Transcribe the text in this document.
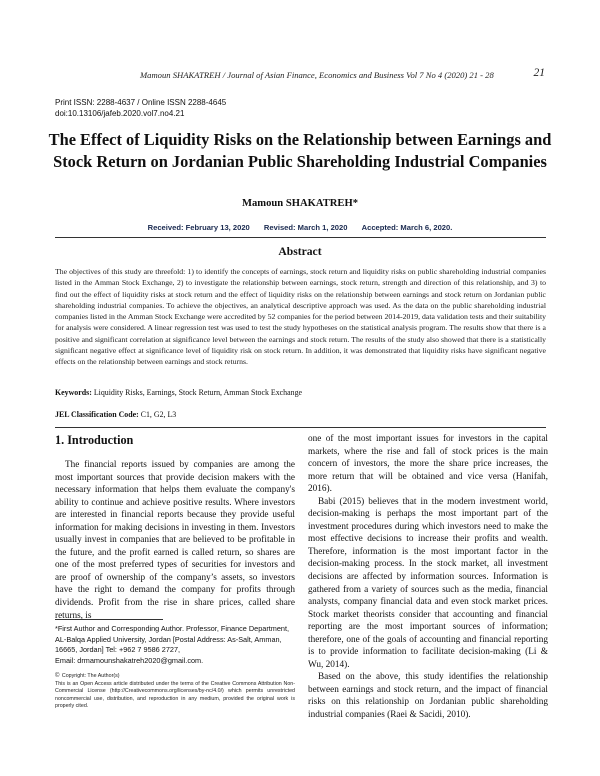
Mamoun SHAKATREH / Journal of Asian Finance, Economics and Business Vol 7 No 4 (2020) 21 - 28	21
Print ISSN: 2288-4637 / Online ISSN 2288-4645
doi:10.13106/jafeb.2020.vol7.no4.21
The Effect of Liquidity Risks on the Relationship between Earnings and
Stock Return on Jordanian Public Shareholding Industrial Companies
Mamoun SHAKATREH*
Received: February 13, 2020 Revised: March 1, 2020 Accepted: March 6, 2020.
Abstract
The objectives of this study are threefold: 1) to identify the concepts of earnings, stock return and liquidity risks on public shareholding industrial companies listed in the Amman Stock Exchange, 2) to investigate the relationship between earnings, stock return, strength and direction of this relationship, and 3) to find out the effect of liquidity risks at stock return and the effect of liquidity risks on the relationship between earnings and stock return on Jordanian public shareholding industrial companies. To achieve the objectives, an analytical descriptive approach was used. As the data on the public shareholding industrial companies listed in the Amman Stock Exchange were accredited by 52 companies for the period between 2014-2019, data validation tests and their suitability for analysis were considered. A linear regression test was used to test the study hypotheses on the statistical analysis program. The results show that there is a positive and significant correlation at significance level between the earnings and stock return. The results of the study also showed that there is a statistically significant negative effect at significance level of liquidity risk on stock return. In addition, it was demonstrated that liquidity risks have significant negative effects on the relationship between earnings and stock returns.
Keywords: Liquidity Risks, Earnings, Stock Return, Amman Stock Exchange
JEL Classification Code: C1, G2, L3
1. Introduction

The financial reports issued by companies are among the most important sources that provide decision makers with the necessary information that helps them evaluate the company's ability to continue and achieve positive results. Where investors are interested in financial reports because they provide useful information for making decisions in investing in them. Investors usually invest in companies that are believed to be profitable in the future, and the profit earned is called return, so shares are one of the most preferred types of securities for investors and are proof of ownership of the company’s assets, so investors have the right to demand the company for profits through dividends. Profit from the rise in share prices, called share returns, is

one of the most important issues for investors in the capital markets, where the rise and fall of stock prices is the main concern of investors, the more the share price increases, the more return that will be obtained and vice versa (Hanifah, 2016).

Babi (2015) believes that in the modern investment world, decision-making is perhaps the most important part of the investment procedures during which investors need to make the most effective decisions to increase their profits and wealth. Therefore, information is the most important factor in the decision-making process. In the stock market, all investment decisions are affected by information sources. Information is gathered from a variety of sources such as the media, financial analysts, company financial data and even stock market prices. Stock market theorists consider that accounting and financial reporting are the most important sources of information; therefore, one of the goals of accounting and financial reporting is to provide information to facilitate decision-making (Li & Wu, 2014).

Based on the above, this study identifies the relationship between earnings and stock return, and the impact of financial risks on this relationship on Jordanian public shareholding industrial companies (Raei & Sacidi, 2010).

*First Author and Corresponding Author. Professor, Finance Department, AL-Balqa Applied University, Jordan [Postal Address: As-Salt, Amman, 16665, Jordan] Tel: +962 7 9586 2727,
Email: drmamounshakatreh2020@gmail.com.

© Copyright: The Author(s)

This is an Open Access article distributed under the terms of the Creative Commons Attribution Non-Commercial License (http://Creativecommons.org/licenses/by-nc/4.0/) which permits unrestricted noncommercial use, distribution, and reproduction in any medium, provided the original work is properly cited.
